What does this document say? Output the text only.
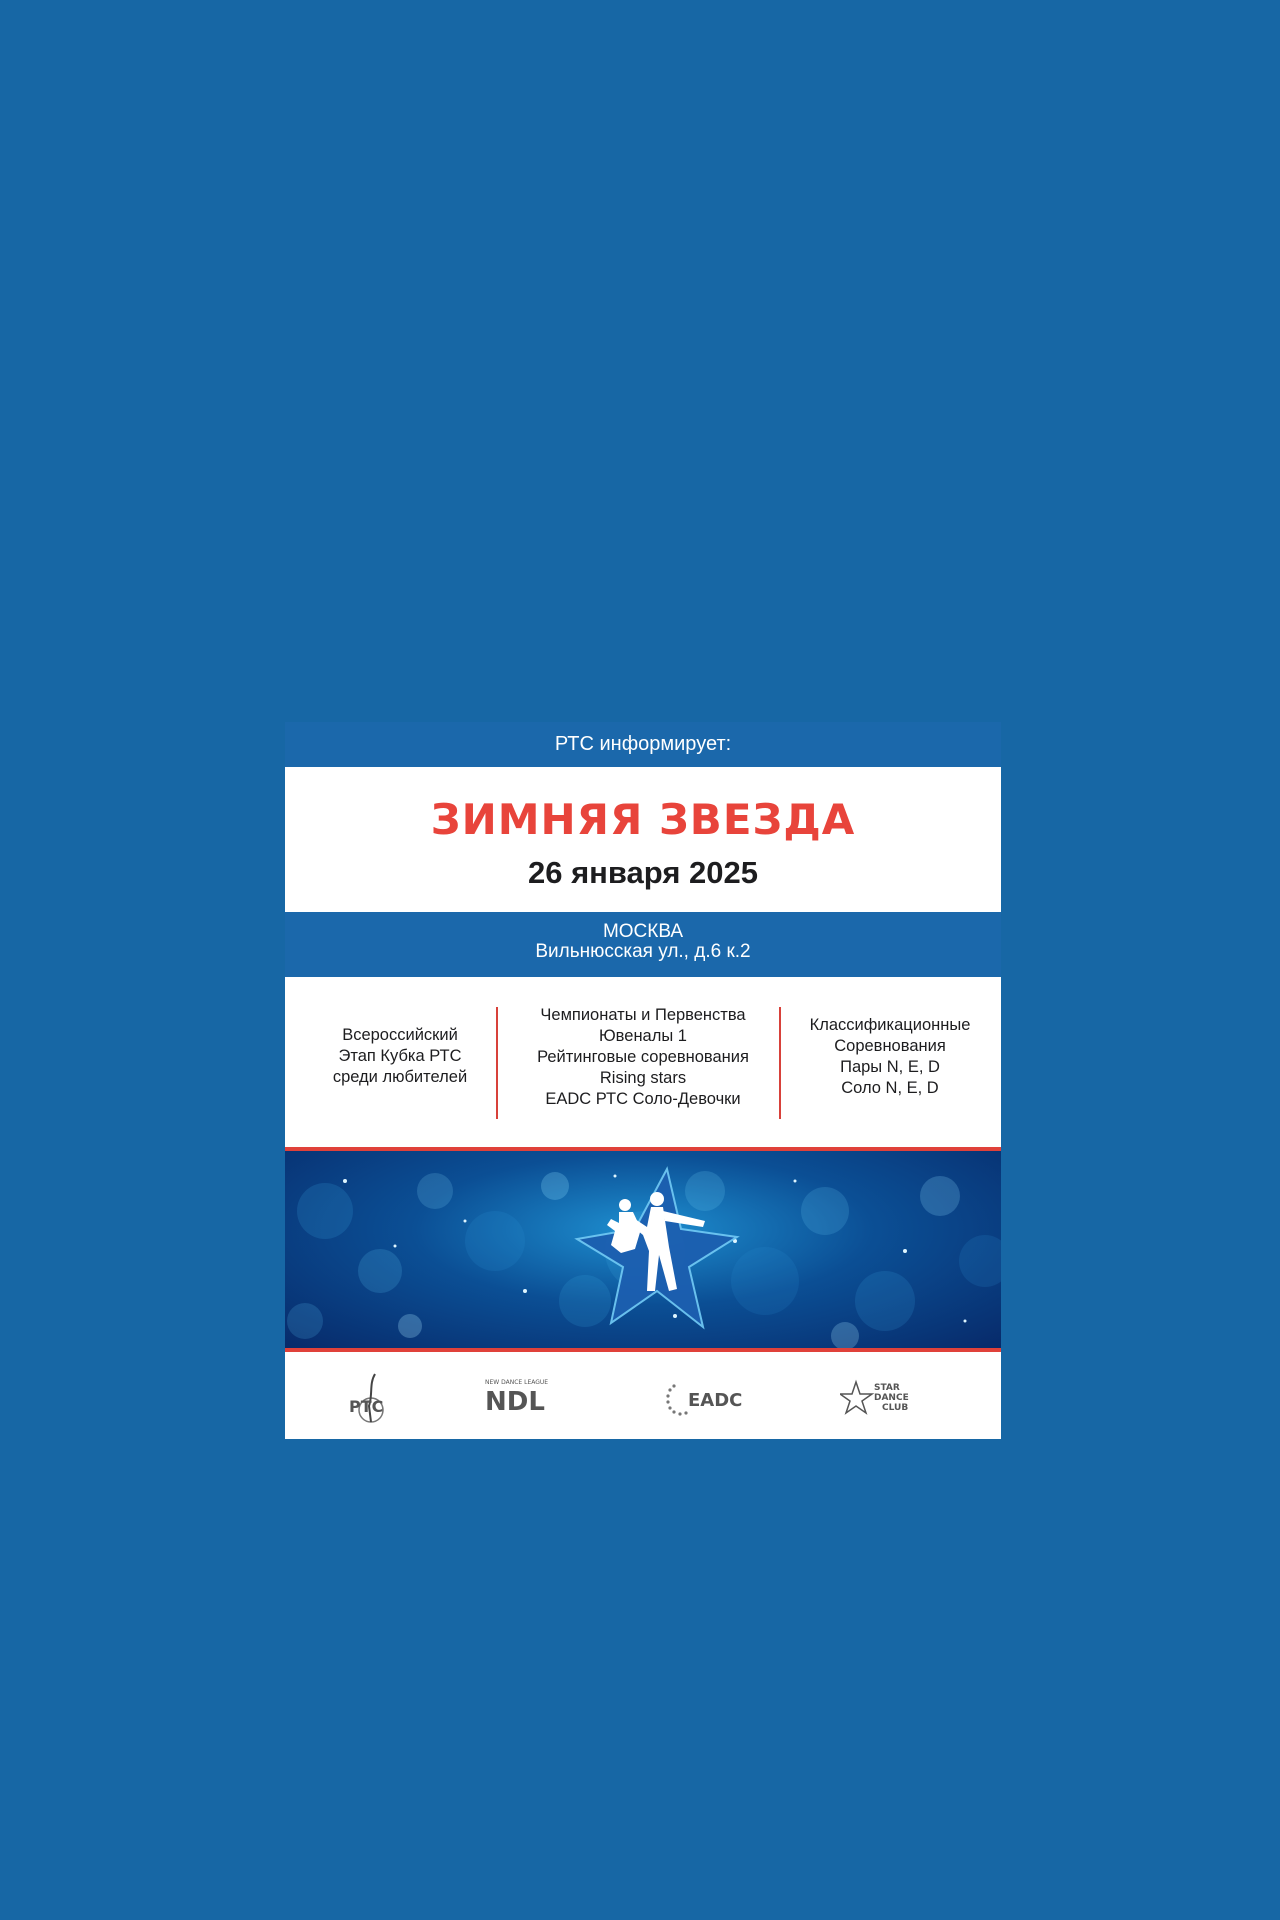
РТС информирует:
ЗИМНЯЯ ЗВЕЗДА
26 января 2025
МОСКВА
Вильнюсская ул., д.6 к.2
Всероссийский
Этап Кубка РТС
среди любителей
Чемпионаты и Первенства
Ювеналы 1
Рейтинговые соревнования
Rising stars
EADC РТС Соло-Девочки
Классификационные
Соревнования
Пары N, E, D
Соло N, E, D
РТС
NEW DANCE LEAGUE
NDL	EADC
STAR
DANCE
CLUB
